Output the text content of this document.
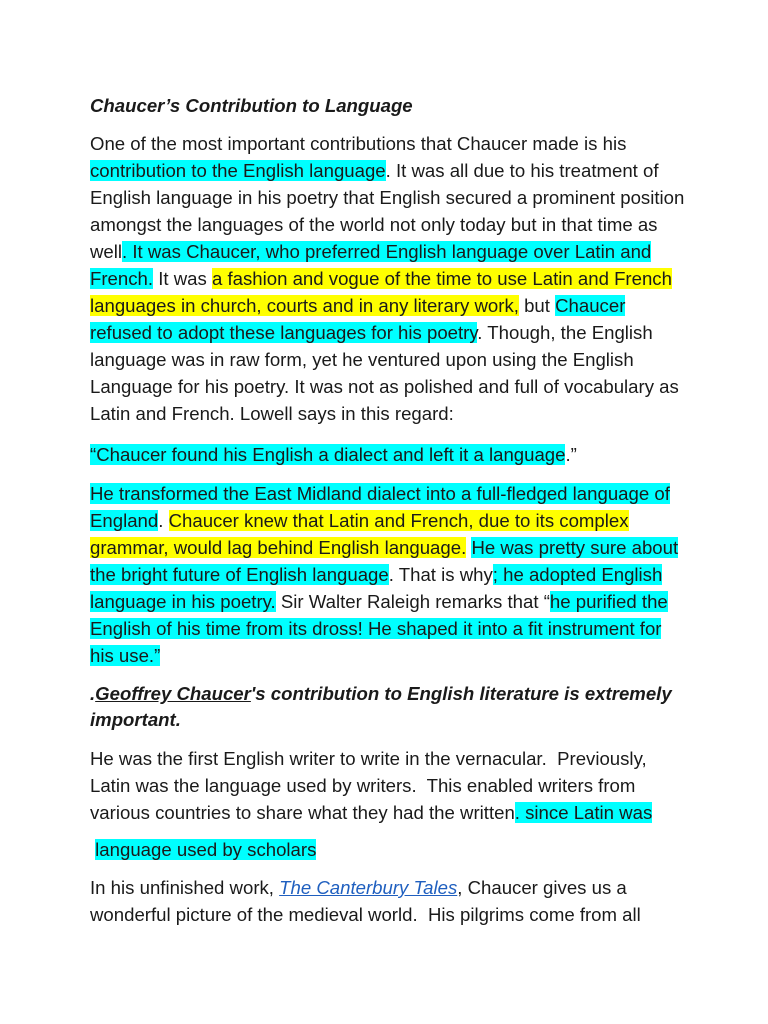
Chaucer’s Contribution to Language
One of the most important contributions that Chaucer made is his
contribution to the English language. It was all due to his treatment of
English language in his poetry that English secured a prominent position
amongst the languages of the world not only today but in that time as
well. It was Chaucer, who preferred English language over Latin and
French. It was a fashion and vogue of the time to use Latin and French
languages in church, courts and in any literary work, but Chaucer
refused to adopt these languages for his poetry. Though, the English
language was in raw form, yet he ventured upon using the English
Language for his poetry. It was not as polished and full of vocabulary as
Latin and French. Lowell says in this regard:
“Chaucer found his English a dialect and left it a language.”
He transformed the East Midland dialect into a full-fledged language of
England. Chaucer knew that Latin and French, due to its complex
grammar, would lag behind English language. He was pretty sure about
the bright future of English language. That is why; he adopted English
language in his poetry. Sir Walter Raleigh remarks that “he purified the
English of his time from its dross! He shaped it into a fit instrument for
his use.”
.Geoffrey Chaucer's contribution to English literature is extremely
important.
He was the first English writer to write in the vernacular.  Previously,
Latin was the language used by writers.  This enabled writers from
various countries to share what they had the written. since Latin was
language used by scholars
In his unfinished work, The Canterbury Tales, Chaucer gives us a
wonderful picture of the medieval world.  His pilgrims come from all
